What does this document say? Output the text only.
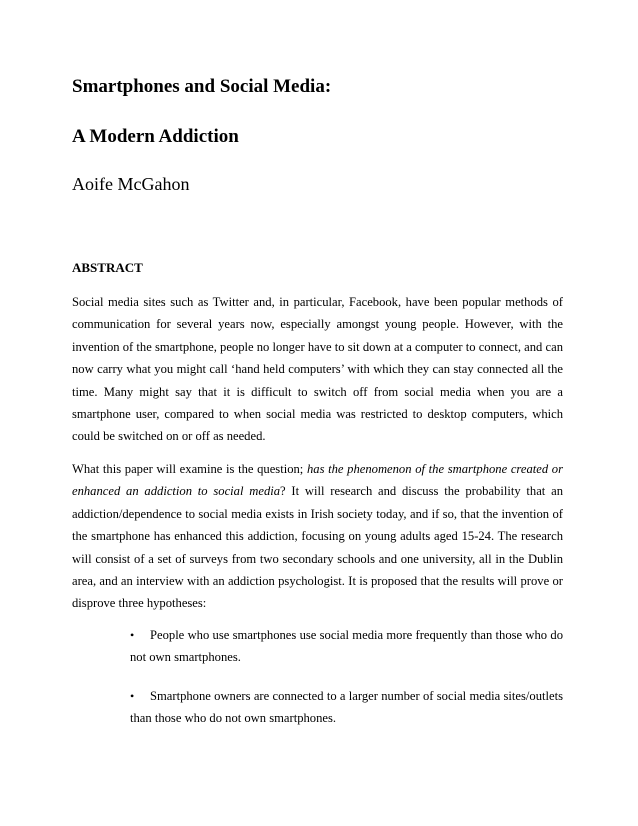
Smartphones and Social Media:
A Modern Addiction

Aoife McGahon

ABSTRACT

Social media sites such as Twitter and, in particular, Facebook, have been popular methods of communication for several years now, especially amongst young people. However, with the invention of the smartphone, people no longer have to sit down at a computer to connect, and can now carry what you might call ‘hand held computers’ with which they can stay connected all the time. Many might say that it is difficult to switch off from social media when you are a smartphone user, compared to when social media was restricted to desktop computers, which could be switched on or off as needed.

What this paper will examine is the question; has the phenomenon of the smartphone created or enhanced an addiction to social media? It will research and discuss the probability that an addiction/dependence to social media exists in Irish society today, and if so, that the invention of the smartphone has enhanced this addiction, focusing on young adults aged 15-24. The research will consist of a set of surveys from two secondary schools and one university, all in the Dublin area, and an interview with an addiction psychologist. It is proposed that the results will prove or disprove three hypotheses:

• People who use smartphones use social media more frequently than those who do not own smartphones.

• Smartphone owners are connected to a larger number of social media sites/outlets than those who do not own smartphones.
